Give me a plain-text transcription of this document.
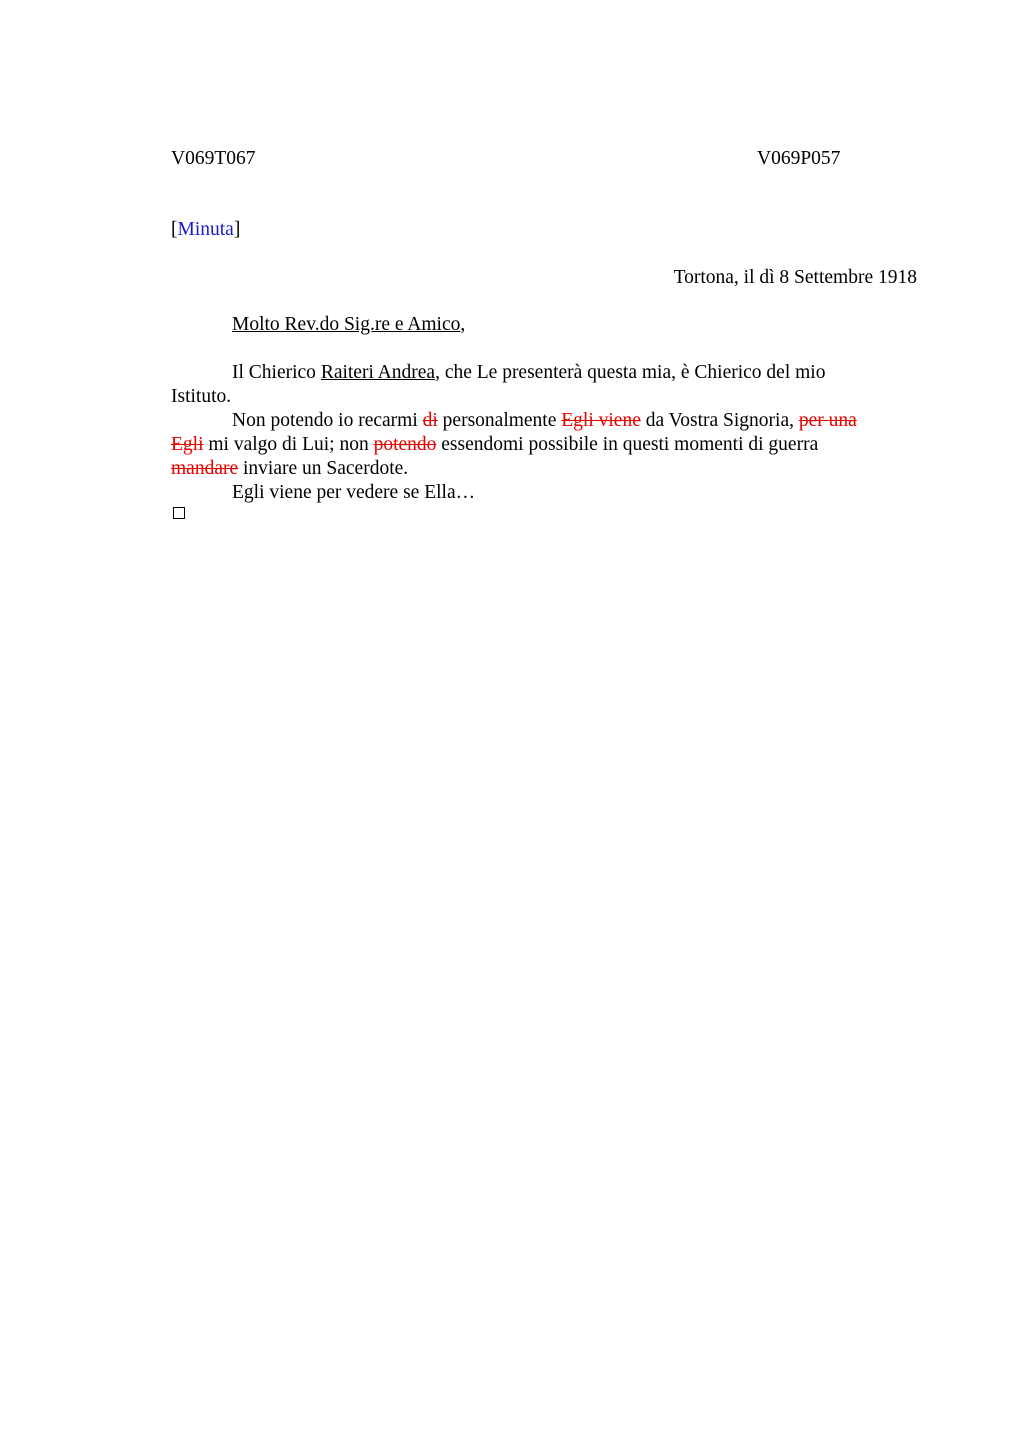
V069T067	V069P057
[Minuta]
Tortona, il dì 8 Settembre 1918
Molto Rev.do Sig.re e Amico,

Il Chierico Raiteri Andrea, che Le presenterà questa mia, è Chierico del mio Istituto.

Non potendo io recarmi di personalmente Egli viene da Vostra Signoria, per una Egli mi valgo di Lui; non potendo essendomi possibile in questi momenti di guerra mandare inviare un Sacerdote.

Egli viene per vedere se Ella…
